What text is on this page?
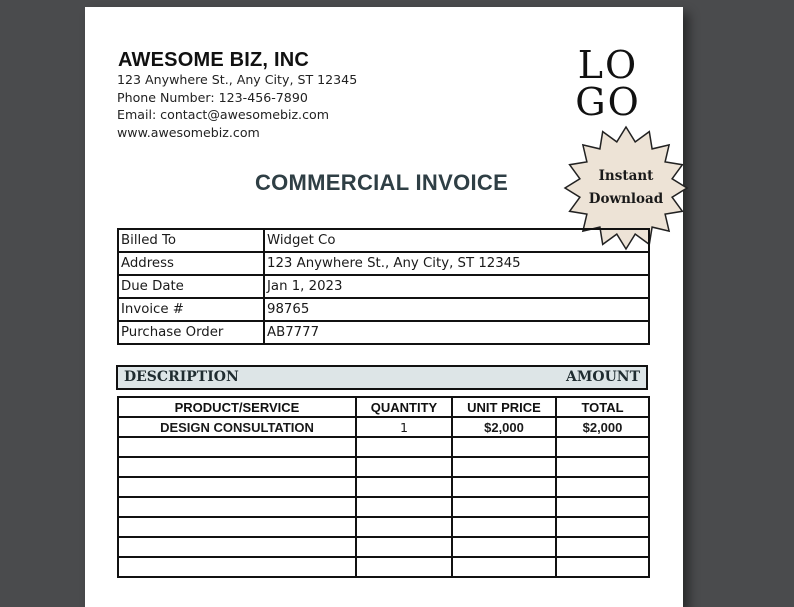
AWESOME BIZ, INC
123 Anywhere St., Any City, ST 12345
Phone Number: 123-456-7890
Email: contact@awesomebiz.com
www.awesomebiz.com
LO
GO
Instant
Download
COMMERCIAL INVOICE
Billed To	Widget Co
Address	123 Anywhere St., Any City, ST 12345
Due Date	Jan 1, 2023
Invoice #	98765
Purchase Order	AB7777
DESCRIPTION	AMOUNT
PRODUCT/SERVICE	QUANTITY	UNIT PRICE	TOTAL
DESIGN CONSULTATION	1	$2,000	$2,000
